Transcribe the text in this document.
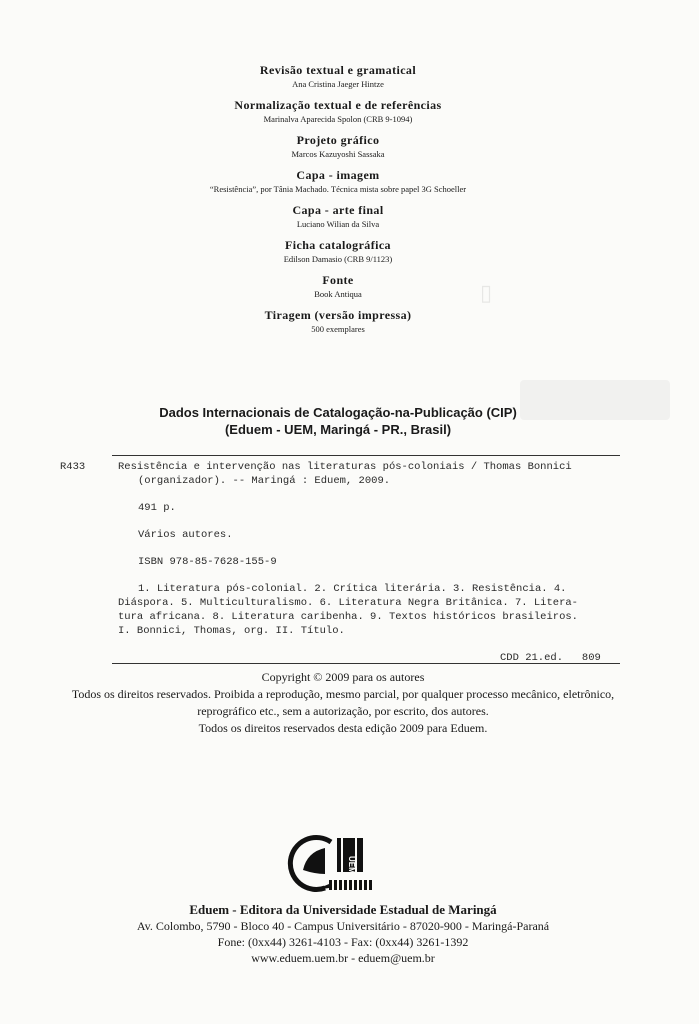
▯
Revisão textual e gramatical
Ana Cristina Jaeger Hintze
Normalização textual e de referências
Marinalva Aparecida Spolon (CRB 9-1094)
Projeto gráfico
Marcos Kazuyoshi Sassaka
Capa - imagem
“Resistência”, por Tânia Machado. Técnica mista sobre papel 3G Schoeller
Capa - arte final
Luciano Wilian da Silva
Ficha catalográfica
Edilson Damasio (CRB 9/1123)
Fonte
Book Antiqua
Tiragem (versão impressa)
500 exemplares
Dados Internacionais de Catalogação-na-Publicação (CIP)
(Eduem - UEM, Maringá - PR., Brasil)
R433	Resistência e intervenção nas literaturas pós-coloniais / Thomas Bonnici
(organizador). -- Maringá : Eduem, 2009.
491 p.
Vários autores.
ISBN 978-85-7628-155-9
1. Literatura pós-colonial. 2. Crítica literária. 3. Resistência. 4.
Diáspora. 5. Multiculturalismo. 6. Literatura Negra Britânica. 7. Litera-
tura africana. 8. Literatura caribenha. 9. Textos históricos brasileiros.
I. Bonnici, Thomas, org. II. Título.
CDD 21.ed.   809
Copyright © 2009 para os autores
Todos os direitos reservados. Proibida a reprodução, mesmo parcial, por qualquer processo mecânico, eletrônico,
reprográfico etc., sem a autorização, por escrito, dos autores.
Todos os direitos reservados desta edição 2009 para Eduem.
UEM
Eduem - Editora da Universidade Estadual de Maringá
Av. Colombo, 5790 - Bloco 40 - Campus Universitário - 87020-900 - Maringá-Paraná
Fone: (0xx44) 3261-4103 - Fax: (0xx44) 3261-1392
www.eduem.uem.br - eduem@uem.br
